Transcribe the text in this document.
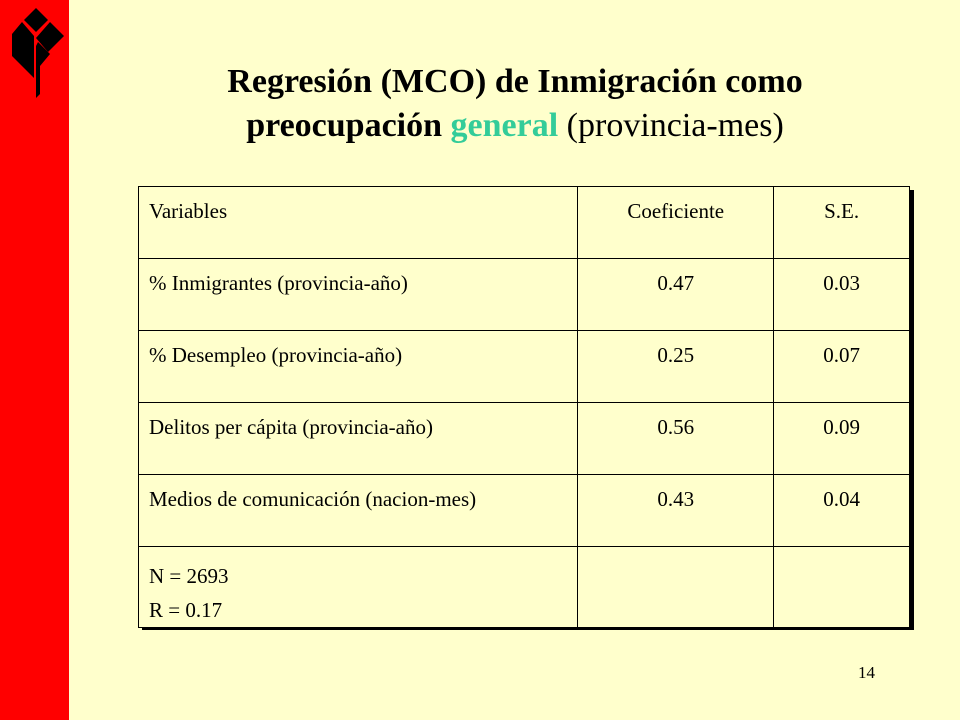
Regresión (MCO) de Inmigración como
preocupación general (provincia-mes)
Variables	Coeficiente	S.E.
% Inmigrantes (provincia-año)	0.47	0.03
% Desempleo (provincia-año)	0.25	0.07
Delitos per cápita (provincia-año)	0.56	0.09
Medios de comunicación (nacion-mes)	0.43	0.04

N = 2693
R = 0.17		

14
